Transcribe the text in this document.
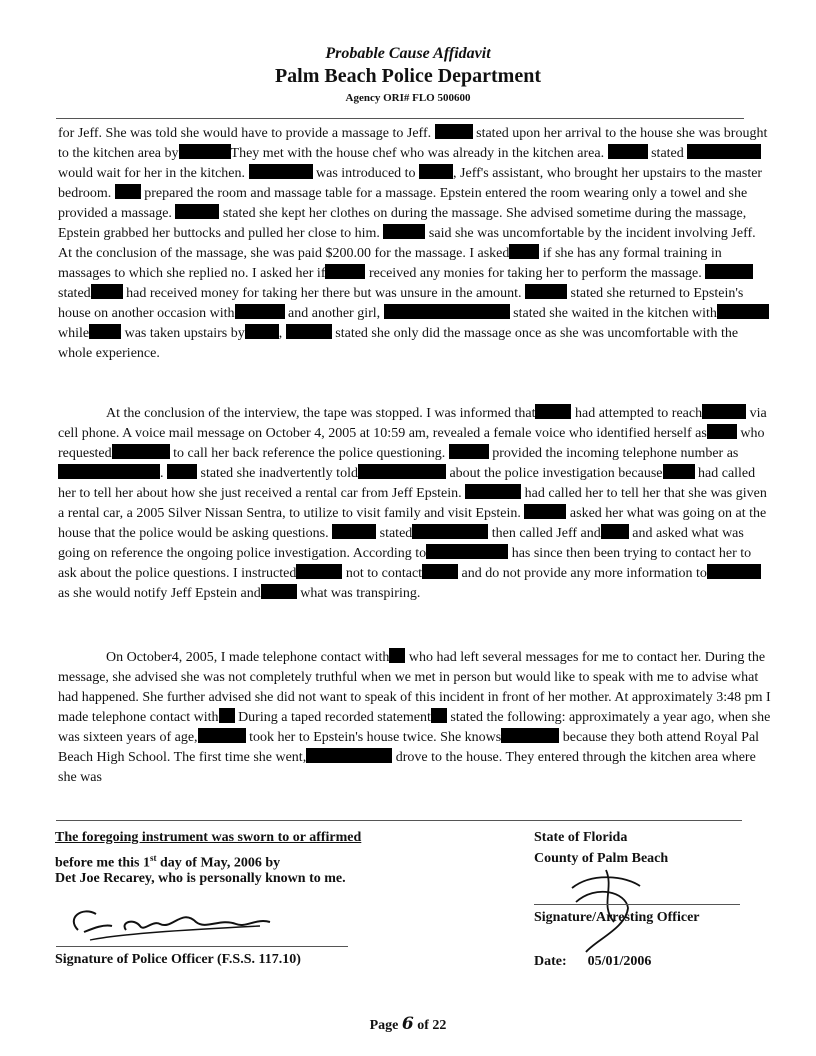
Probable Cause Affidavit
Palm Beach Police Department
Agency ORI# FLO 500600
for Jeff. She was told she would have to provide a massage to Jeff.	stated upon her arrival to the house she was brought to the kitchen area by	They met with the house chef who was already in the kitchen area.	stated  would wait for her in the kitchen.	was introduced to , Jeff's assistant, who brought her upstairs to the master bedroom.  prepared the room and massage table for a massage. Epstein entered the room wearing only a towel and she provided a massage.	stated she kept her clothes on during the massage. She advised sometime during the massage, Epstein grabbed her buttocks and pulled her close to him.	said she was uncomfortable by the incident involving Jeff. At the conclusion of the massage, she was paid $200.00 for the massage. I asked if she has any formal training in massages to which she replied no. I asked her if	received any monies for taking her to perform the massage.  stated had received money for taking her there but was unsure in the amount.	stated she returned to Epstein's house on another occasion with	and another girl,	stated she waited in the kitchen with while was taken upstairs by ,	stated she only did the massage once as she was uncomfortable with the whole experience.
At the conclusion of the interview, the tape was stopped. I was informed that	had attempted to reach	via cell phone. A voice mail message on October 4, 2005 at 10:59 am, revealed a female voice who identified herself as who requested	to call her back reference the police questioning.	provided the incoming telephone number as.  stated she inadvertently told	about the police investigation because had called her to tell her about how she just received a rental car from Jeff Epstein.	had called her to tell her that she was given a rental car, a 2005 Silver Nissan Sentra, to utilize to visit family and visit Epstein.	asked her what was going on at the house that the police would be asking questions.	stated	then called Jeff and and asked what was going on reference the ongoing police investigation. According to	has since then been trying to contact her to ask about the police questions. I instructed	not to contact	and do not provide any more information to as she would notify Jeff Epstein and	what was transpiring.
On October4, 2005, I made telephone contact with who had left several messages for me to contact her. During the message, she advised she was not completely truthful when we met in person but would like to speak with me to advise what had happened. She further advised she did not want to speak of this incident in front of her mother. At approximately 3:48 pm I made telephone contact with During a taped recorded statement stated the following: approximately a year ago, when she was sixteen years of age,	took her to Epstein's house twice. She knows	because they both attend Royal Pal Beach High School. The first time she went,	drove to the house. They entered through the kitchen area where she was
The foregoing instrument was sworn to or affirmed
before me this 1st day of May, 2006 by
Det Joe Recarey, who is personally known to me.
Signature of Police Officer (F.S.S. 117.10)
State of Florida
County of Palm Beach
Signature/Arresting Officer
Date: 05/01/2006
Page 6 of 22
